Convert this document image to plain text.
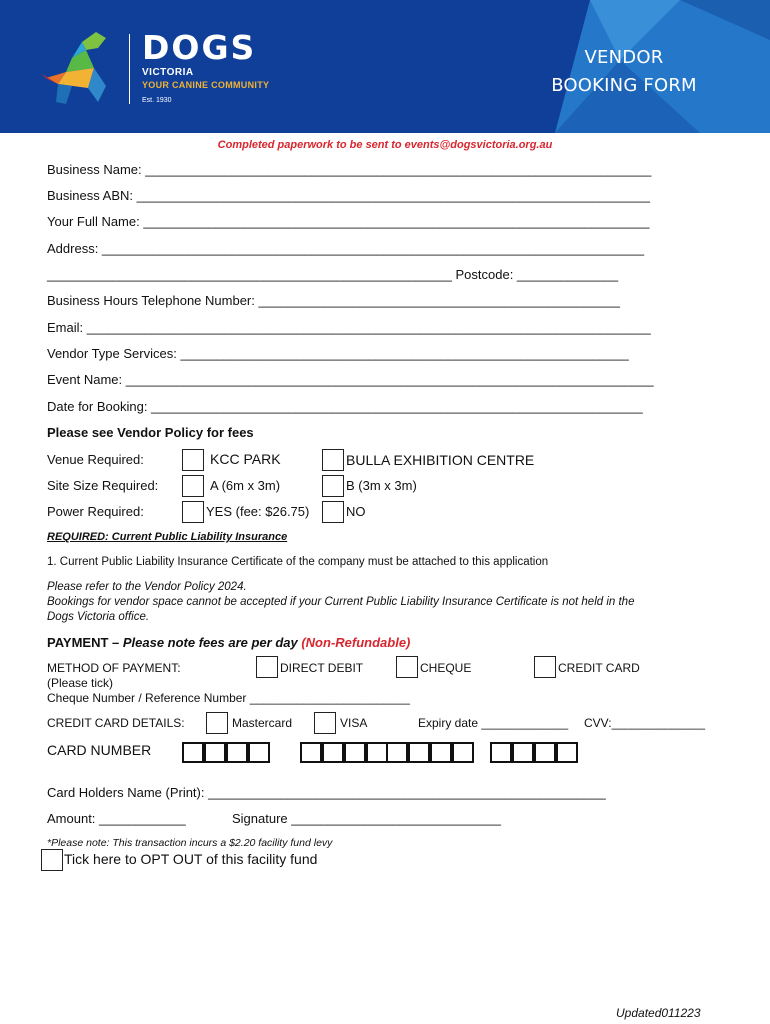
DOGS
VICTORIA
YOUR CANINE COMMUNITY
Est. 1930
VENDOR
BOOKING FORM
Completed paperwork to be sent to events@dogsvictoria.org.au
Business Name: ______________________________________________________________________
Business ABN: _______________________________________________________________________
Your Full Name: ______________________________________________________________________
Address: ___________________________________________________________________________
________________________________________________________ Postcode: ______________
Business Hours Telephone Number: __________________________________________________
Email: ______________________________________________________________________________
Vendor Type Services: ______________________________________________________________
Event Name: _________________________________________________________________________
Date for Booking: ____________________________________________________________________
Please see Vendor Policy for fees
Venue Required:	KCC PARK	BULLA EXHIBITION CENTRE
Site Size Required:	A (6m x 3m)	B (3m x 3m)
Power Required:	YES (fee: $26.75)	NO
REQUIRED: Current Public Liability Insurance
1. Current Public Liability Insurance Certificate of the company must be attached to this application
Please refer to the Vendor Policy 2024.
Bookings for vendor space cannot be accepted if your Current Public Liability Insurance Certificate is not held in the
Dogs Victoria office.
PAYMENT – Please note fees are per day (Non-Refundable)
METHOD OF PAYMENT:
(Please tick)
DIRECT DEBIT	CHEQUE	CREDIT CARD
Cheque Number / Reference Number ________________________
CREDIT CARD DETAILS:	Mastercard	VISA	Expiry date _____________ CVV:______________
CARD NUMBER
Card Holders Name (Print): _______________________________________________________
Amount: ____________	Signature _____________________________
*Please note: This transaction incurs a $2.20 facility fund levy
Tick here to OPT OUT of this facility fund
Updated011223
